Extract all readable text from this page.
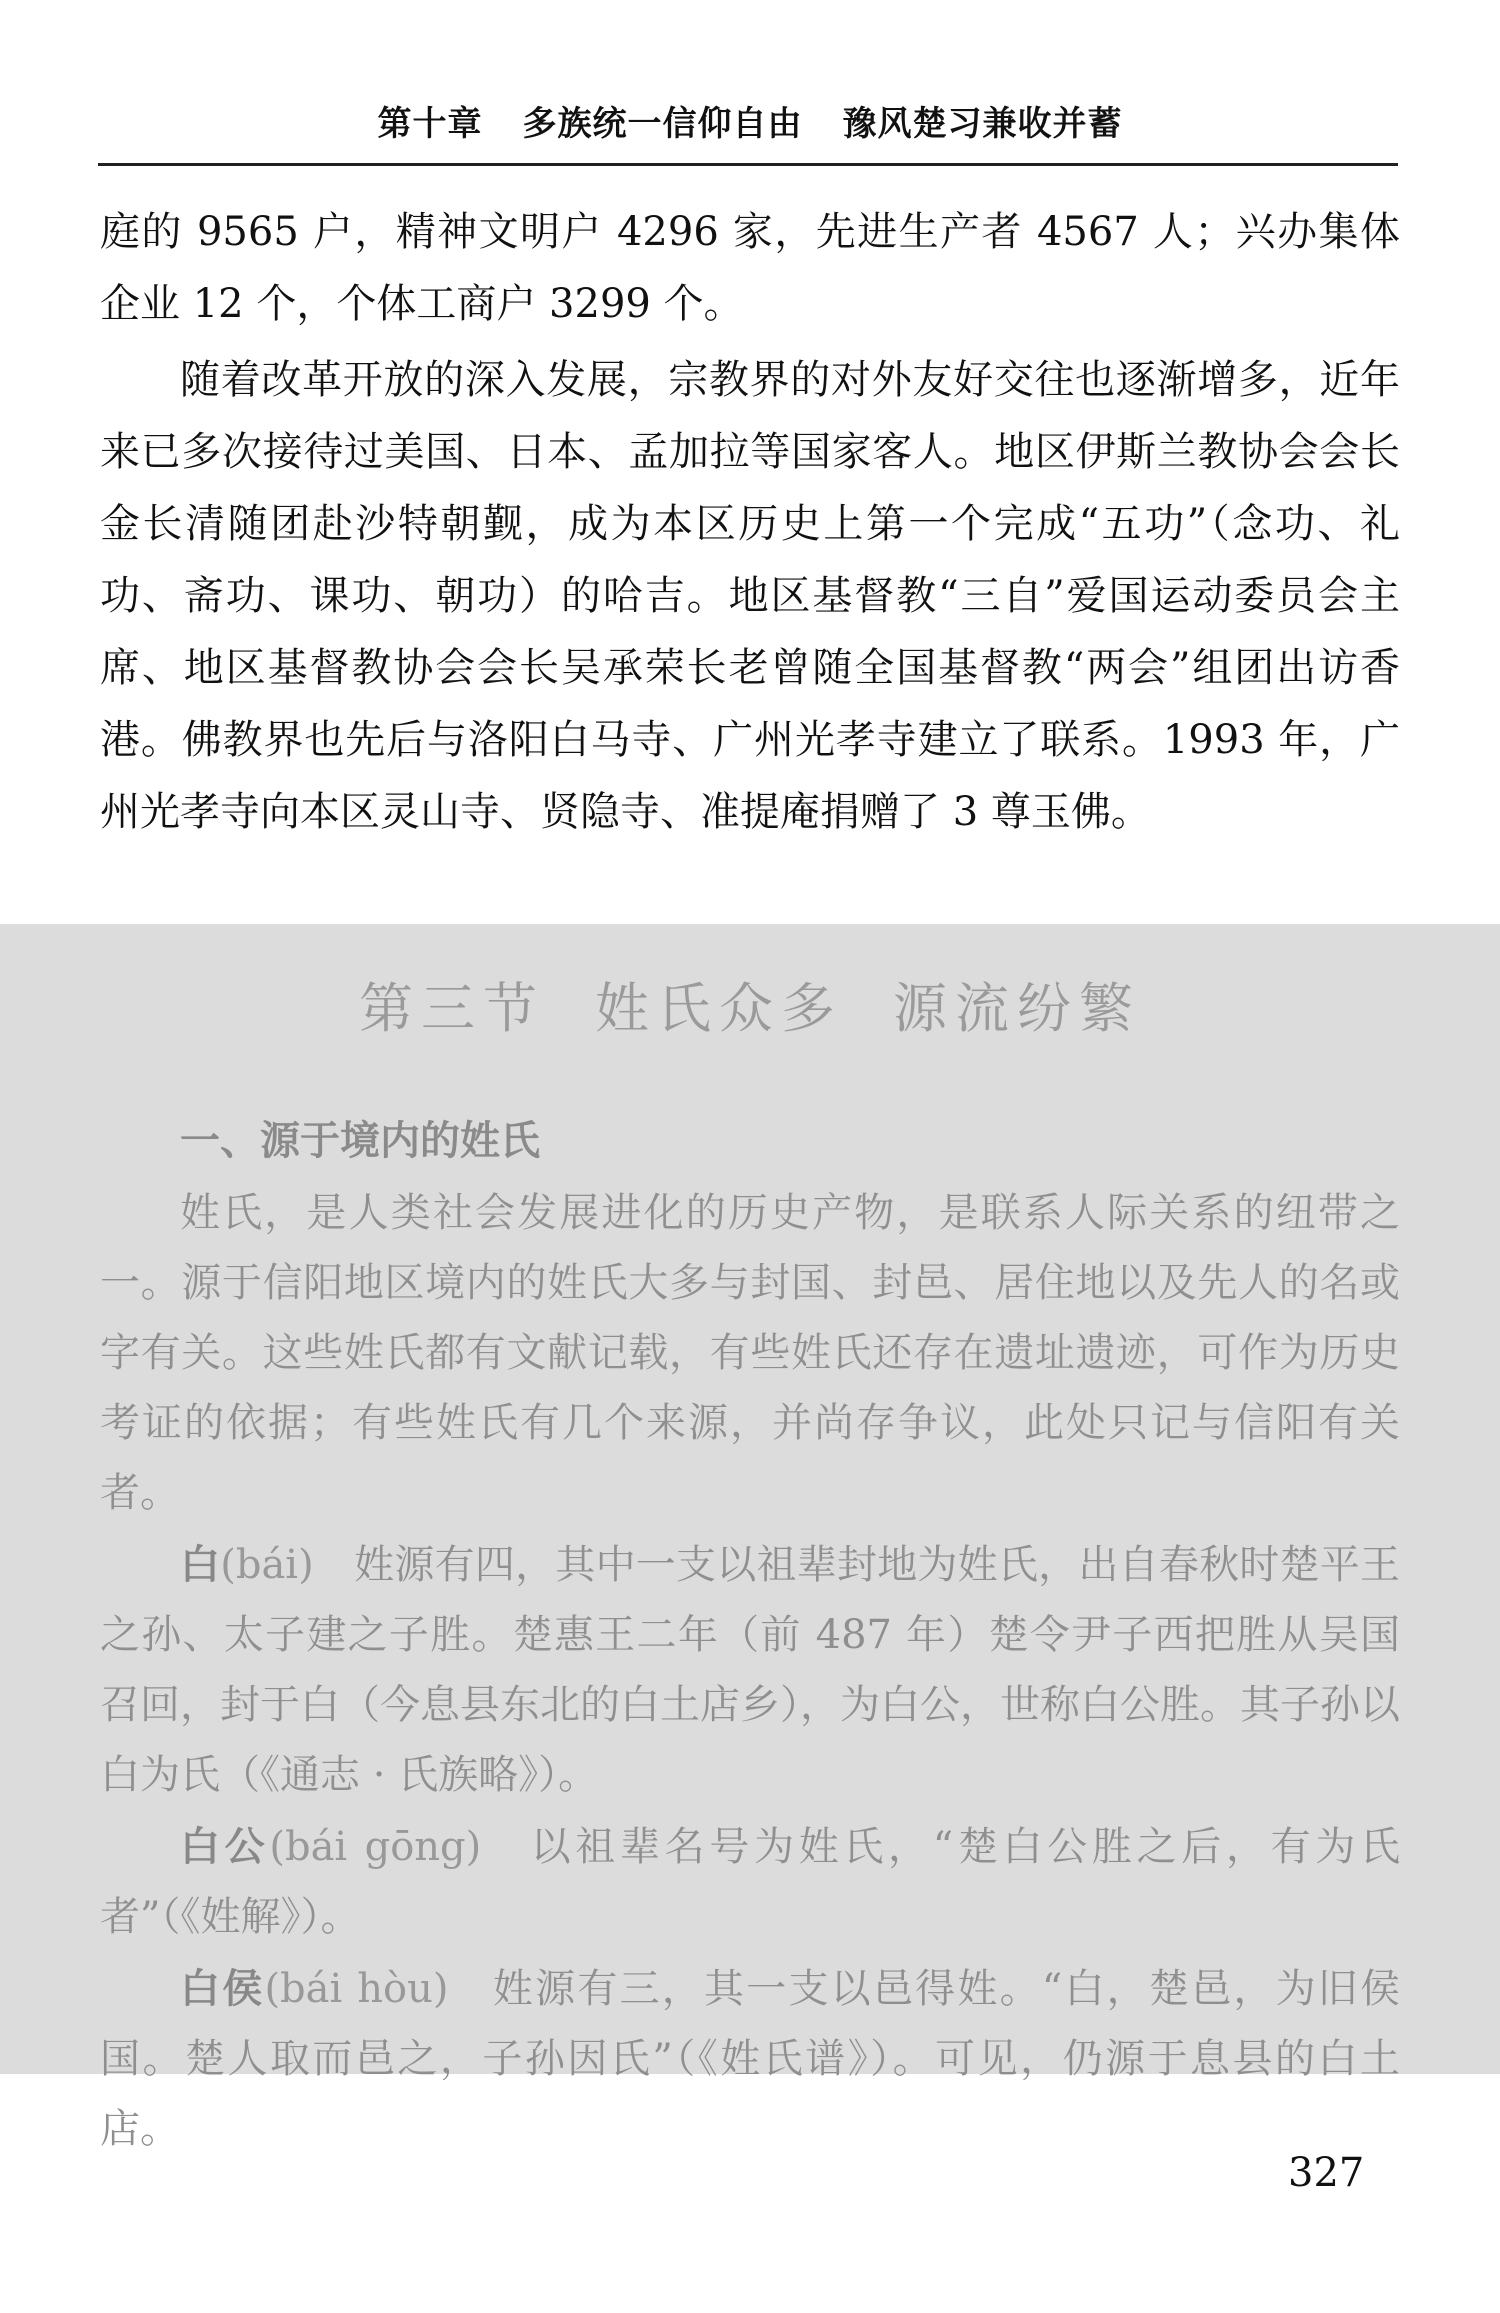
第十章 多族统一信仰自由 豫风楚习兼收并蓄

庭的 9565 户，精神文明户 4296 家，先进生产者 4567 人；兴办集体企业 12 个，个体工商户 3299 个。

随着改革开放的深入发展，宗教界的对外友好交往也逐渐增多，近年来已多次接待过美国、日本、孟加拉等国家客人。地区伊斯兰教协会会长金长清随团赴沙特朝觐，成为本区历史上第一个完成“五功”（念功、礼功、斋功、课功、朝功）的哈吉。地区基督教“三自”爱国运动委员会主席、地区基督教协会会长吴承荣长老曾随全国基督教“两会”组团出访香港。佛教界也先后与洛阳白马寺、广州光孝寺建立了联系。1993 年，广州光孝寺向本区灵山寺、贤隐寺、准提庵捐赠了 3 尊玉佛。

第三节 姓氏众多 源流纷繁

一、源于境内的姓氏

姓氏，是人类社会发展进化的历史产物，是联系人际关系的纽带之一。源于信阳地区境内的姓氏大多与封国、封邑、居住地以及先人的名或字有关。这些姓氏都有文献记载，有些姓氏还存在遗址遗迹，可作为历史考证的依据；有些姓氏有几个来源，并尚存争议，此处只记与信阳有关者。

白(bái)　 姓源有四，其中一支以祖辈封地为姓氏，出自春秋时楚平王之孙、太子建之子胜。楚惠王二年（前 487 年）楚令尹子西把胜从吴国召回，封于白（今息县东北的白土店乡），为白公，世称白公胜。其子孙以白为氏（《通志 · 氏族略》）。

白公(bái gōng)　 以祖辈名号为姓氏，“楚白公胜之后，有为氏者”（《姓解》）。

白侯(bái hòu)　 姓源有三，其一支以邑得姓。“白，楚邑，为旧侯国。楚人取而邑之，子孙因氏”（《姓氏谱》）。可见，仍源于息县的白土店。

327
